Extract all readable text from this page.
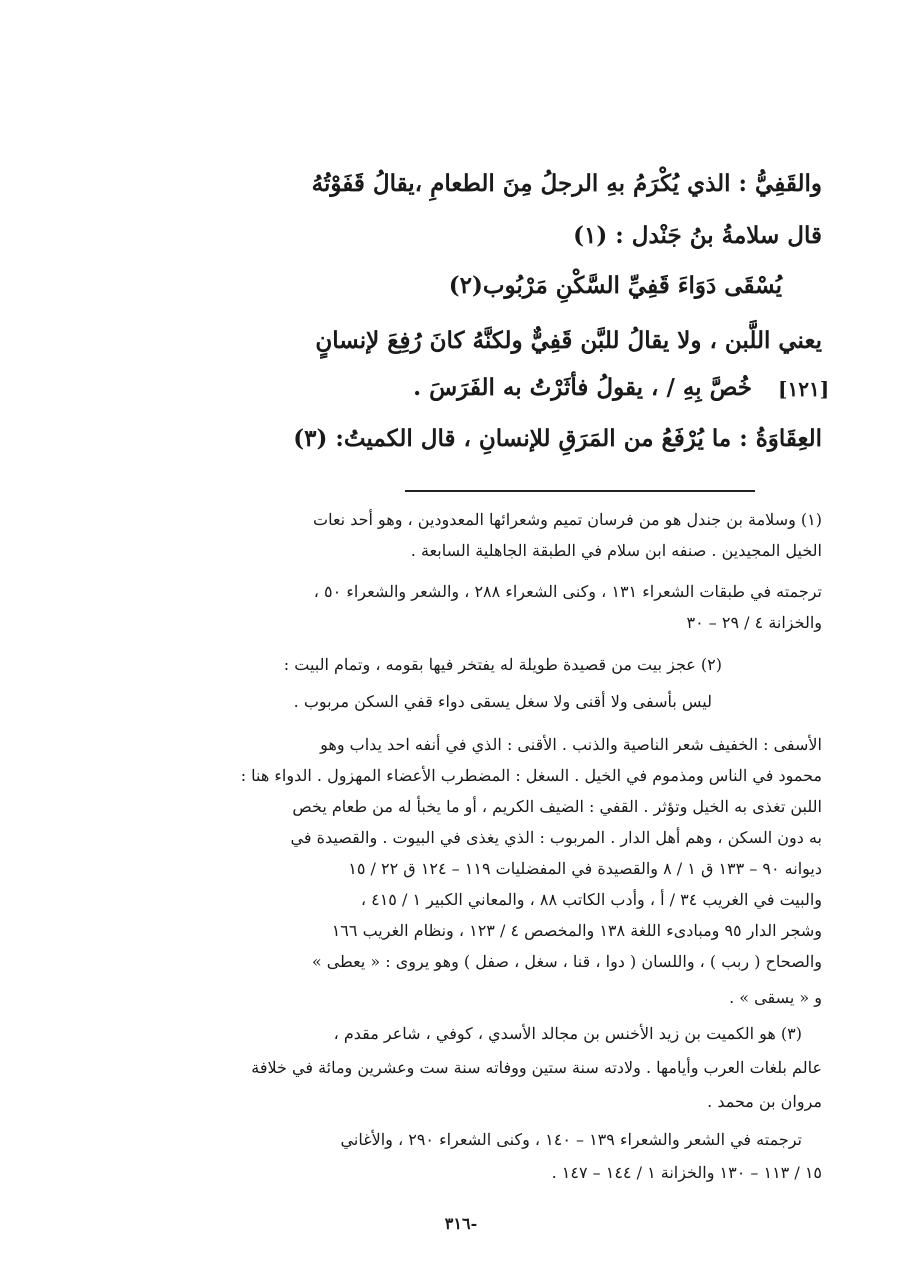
والقَفِيُّ : الذي يُكْرَمُ بهِ الرجلُ مِنَ الطعامِ ،يقالُ قَفَوْتُهُ
قال سلامةُ بنُ جَنْدل : (١)
يُسْقَى دَوَاءَ قَفِيِّ السَّكْنِ مَرْبُوب(٢)
يعني اللَّبن ، ولا يقالُ للبَّن قَفِيٌّ ولكنَّهُ كانَ رُفِعَ لإنسانٍ
خُصَّ بِهِ / ، يقولُ فأثَرْتُ به الفَرَسَ . [١٢١]
العِقَاوَةُ : ما يُرْفَعُ من المَرَقِ للإنسانِ ، قال الكميتُ: (٣)
(١) وسلامة بن جندل هو من فرسان تميم وشعرائها المعدودين ، وهو أحد نعات
الخيل المجيدين . صنفه ابن سلام في الطبقة الجاهلية السابعة .
ترجمته في طبقات الشعراء ١٣١ ، وكنى الشعراء ٢٨٨ ، والشعر والشعراء ٥٠ ،
والخزانة ٤ / ٢٩ – ٣٠
(٢) عجز بيت من قصيدة طويلة له يفتخر فيها بقومه ، وتمام البيت :
ليس بأسفى ولا أقنى ولا سغل يسقى دواء قفي السكن مربوب .
الأسفى : الخفيف شعر الناصية والذنب . الأقنى : الذي في أنفه احد يداب وهو
محمود في الناس ومذموم في الخيل . السغل : المضطرب الأعضاء المهزول . الدواء هنا :
اللبن تغذى به الخيل وتؤثر . القفي : الضيف الكريم ، أو ما يخبأ له من طعام يخص
به دون السكن ، وهم أهل الدار . المربوب : الذي يغذى في البيوت . والقصيدة في
ديوانه ٩٠ – ١٣٣ ق ١ / ٨ والقصيدة في المفضليات ١١٩ – ١٢٤ ق ٢٢ / ١٥
والبيت في الغريب ٣٤ / أ ، وأدب الكاتب ٨٨ ، والمعاني الكبير ١ / ٤١٥ ،
وشجر الدار ٩٥ ومبادىء اللغة ١٣٨ والمخصص ٤ / ١٢٣ ، ونظام الغريب ١٦٦
والصحاح ( ربب ) ، واللسان ( دوا ، قنا ، سغل ، صفل ) وهو يروى : « يعطى »
و « يسقى » .
(٣) هو الكميت بن زيد الأخنس بن مجالد الأسدي ، كوفي ، شاعر مقدم ،
عالم بلغات العرب وأيامها . ولادته سنة ستين ووفاته سنة ست وعشرين ومائة في خلافة
مروان بن محمد .
ترجمته في الشعر والشعراء ١٣٩ – ١٤٠ ، وكنى الشعراء ٢٩٠ ، والأغاني
١٥ / ١١٣ – ١٣٠ والخزانة ١ / ١٤٤ – ١٤٧ .
-٣١٦
